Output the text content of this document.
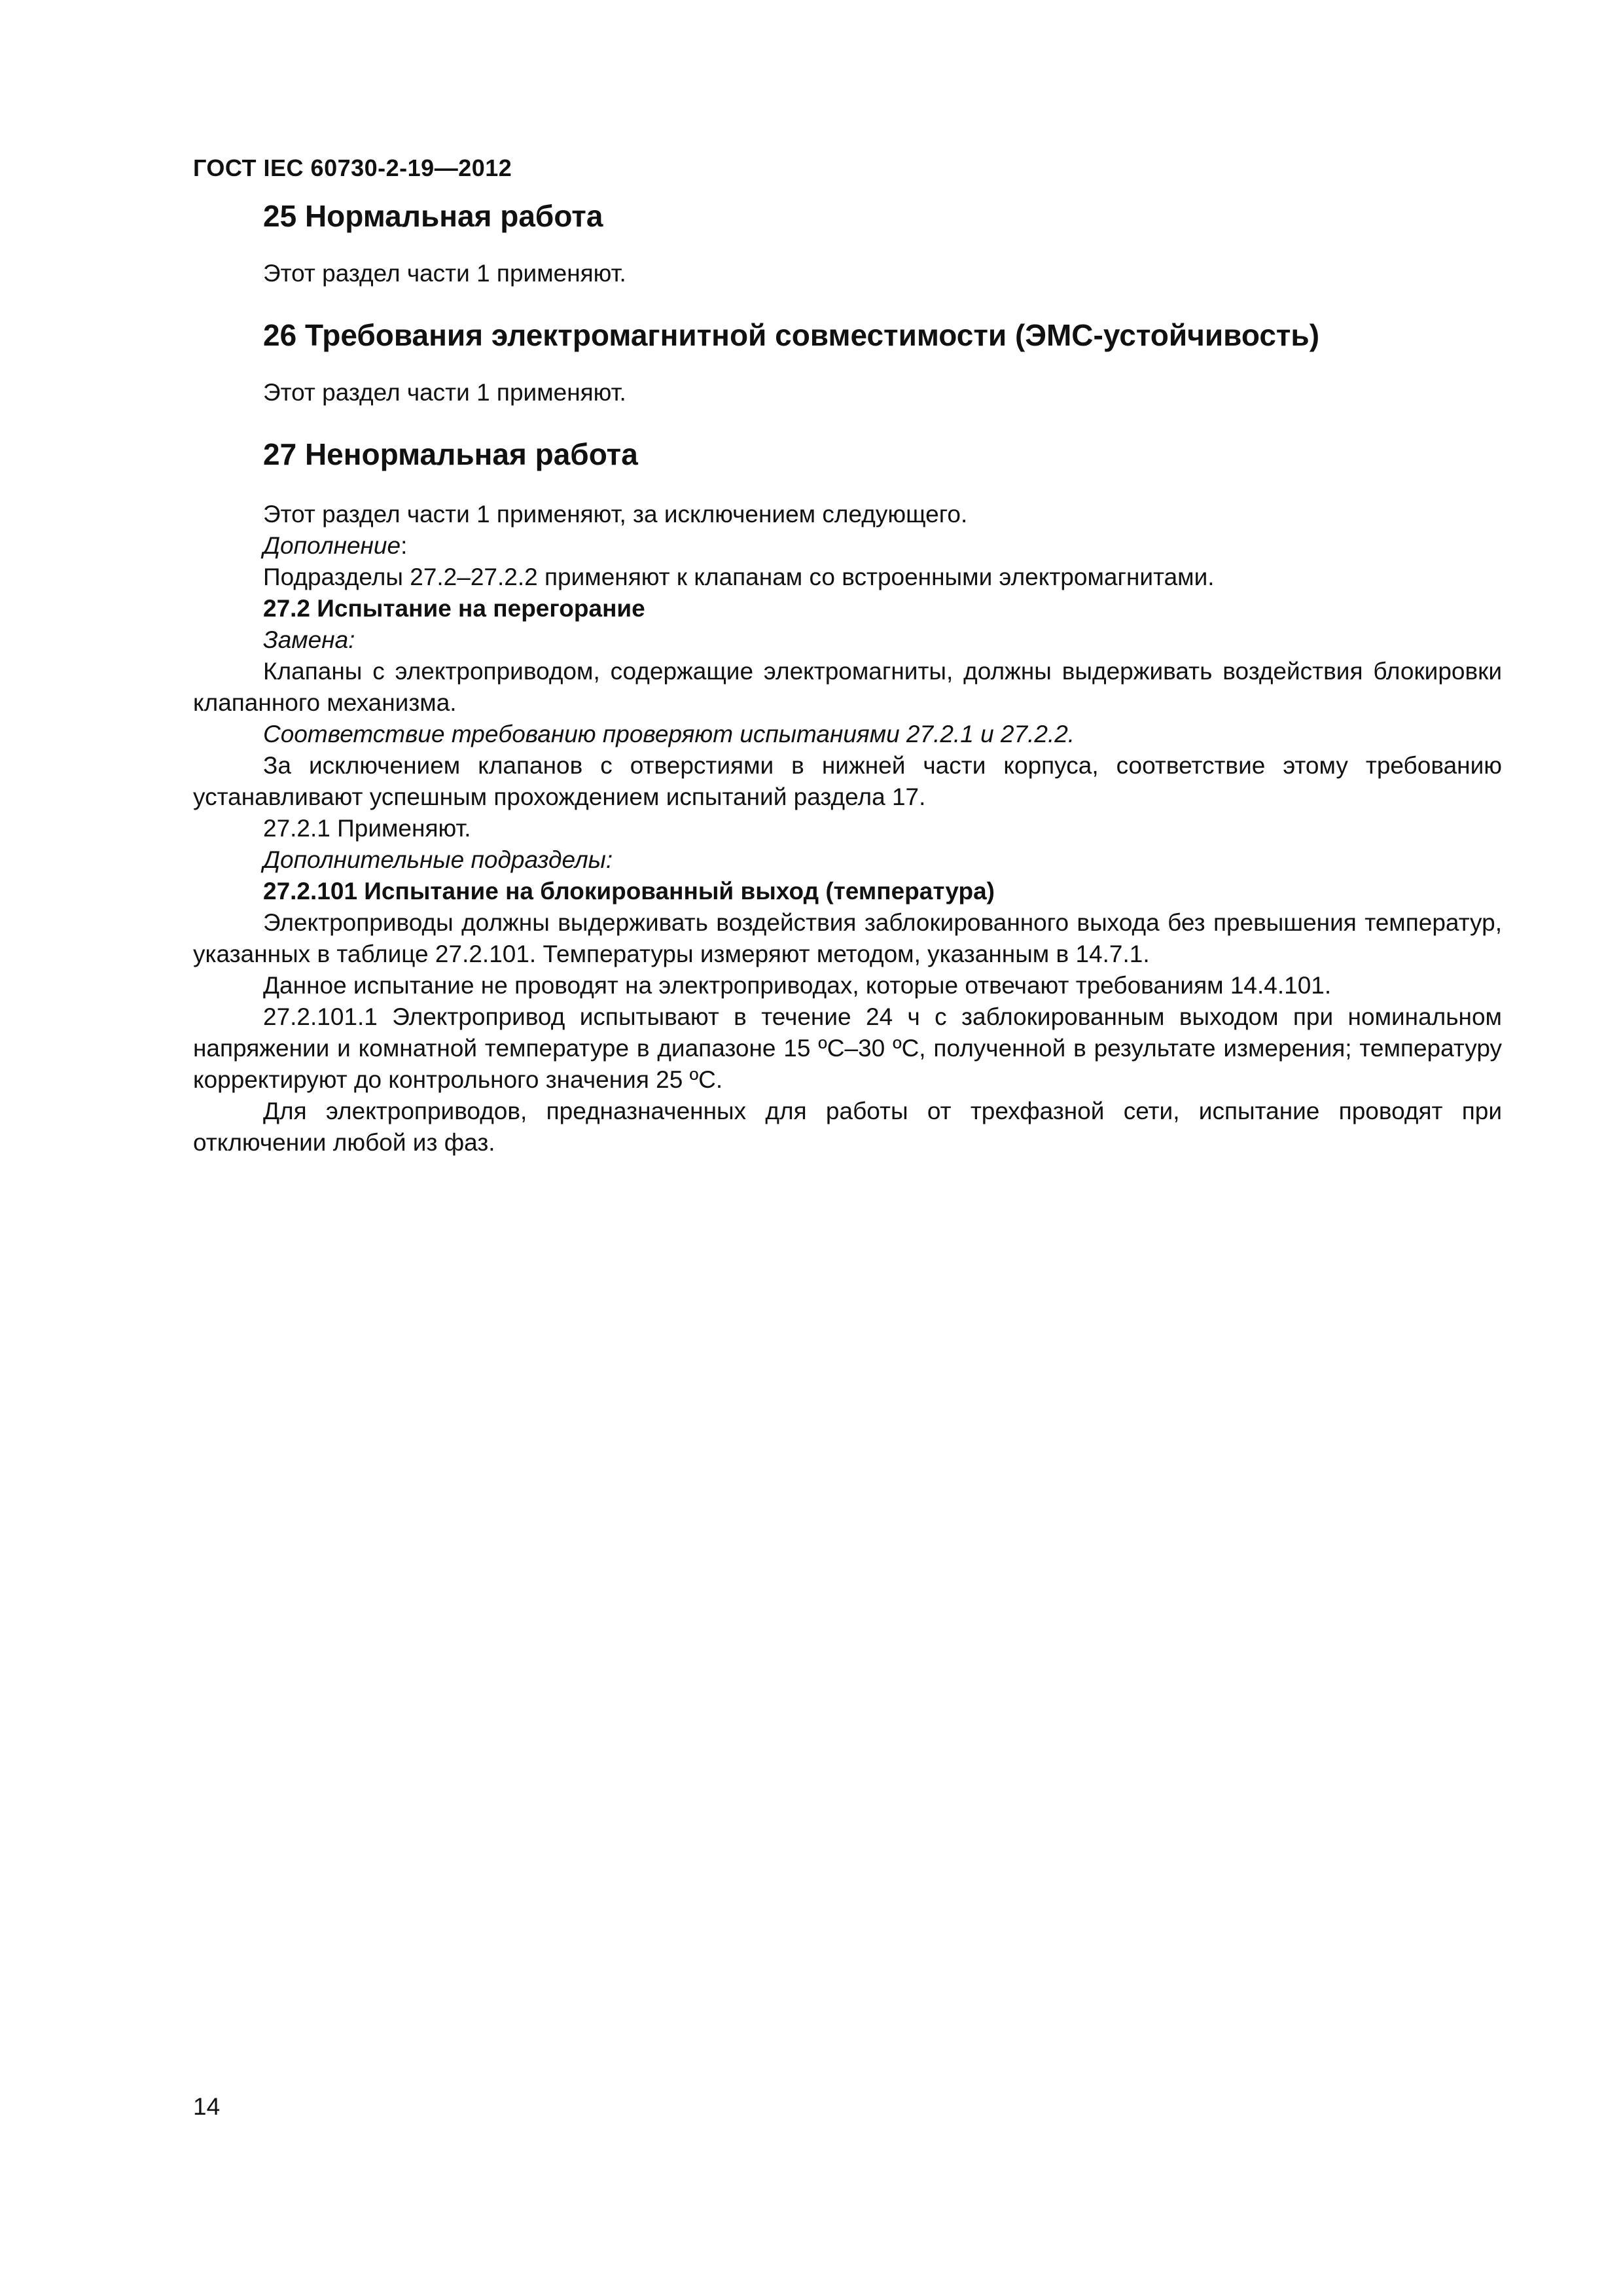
ГОСТ IEC 60730-2-19—2012
25 Нормальная работа

Этот раздел части 1 применяют.

26 Требования электромагнитной совместимости (ЭМС-устойчивость)

Этот раздел части 1 применяют.

27 Ненормальная работа

Этот раздел части 1 применяют, за исключением следующего.

Дополнение:

Подразделы 27.2–27.2.2 применяют к клапанам со встроенными электромагнитами.

27.2 Испытание на перегорание

Замена:

Клапаны с электроприводом, содержащие электромагниты, должны выдерживать воздействия блокировки клапанного механизма.

Соответствие требованию проверяют испытаниями 27.2.1 и 27.2.2.

За исключением клапанов с отверстиями в нижней части корпуса, соответствие этому требованию устанавливают успешным прохождением испытаний раздела 17.

27.2.1 Применяют.

Дополнительные подразделы:

27.2.101 Испытание на блокированный выход (температура)

Электроприводы должны выдерживать воздействия заблокированного выхода без превышения температур, указанных в таблице 27.2.101. Температуры измеряют методом, указанным в 14.7.1.

Данное испытание не проводят на электроприводах, которые отвечают требованиям 14.4.101.

27.2.101.1 Электропривод испытывают в течение 24 ч с заблокированным выходом при номинальном напряжении и комнатной температуре в диапазоне 15 ºС–30 ºС, полученной в результате измерения; температуру корректируют до контрольного значения 25 ºС.

Для электроприводов, предназначенных для работы от трехфазной сети, испытание проводят при отключении любой из фаз.

14
